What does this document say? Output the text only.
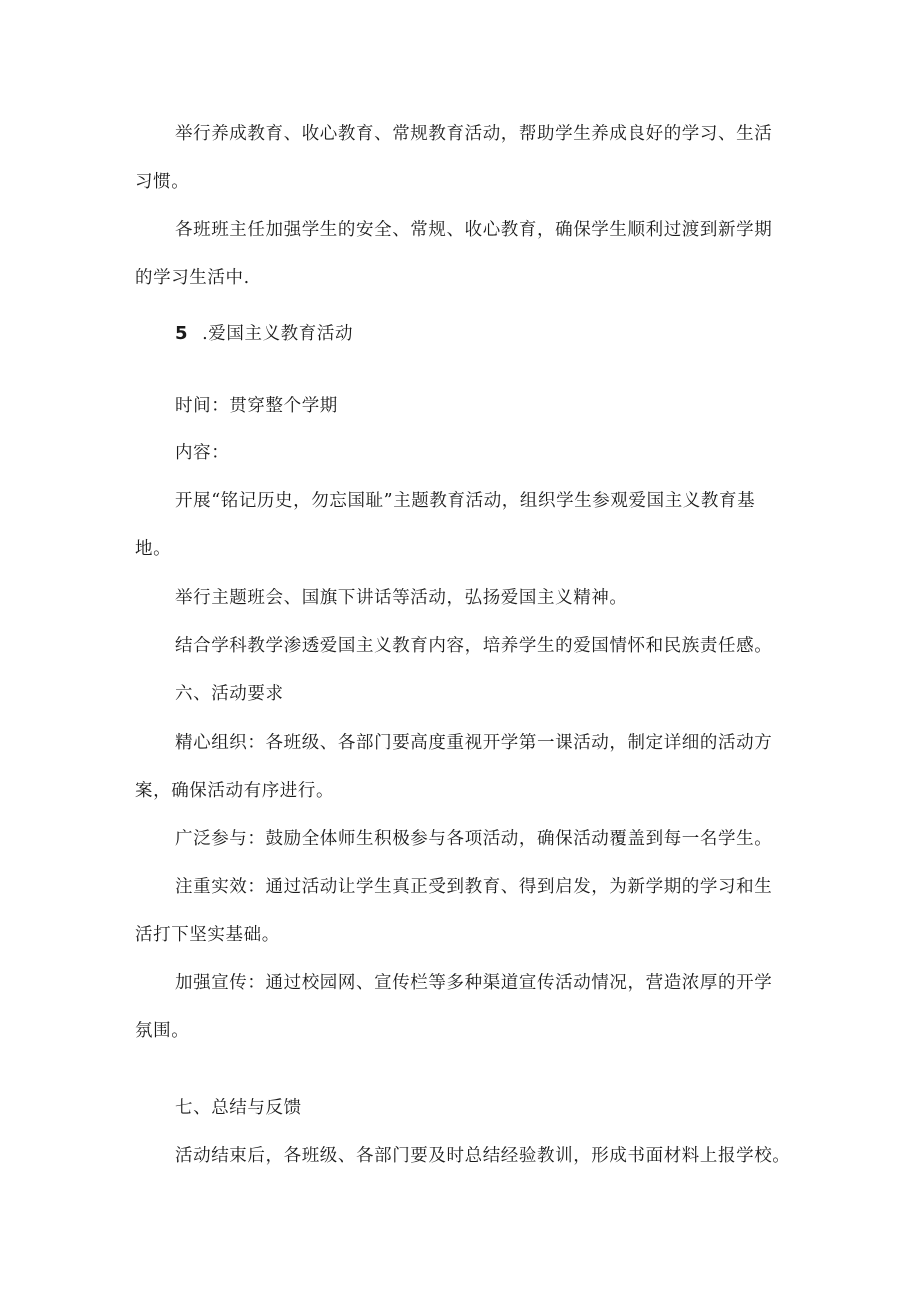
举行养成教育、收心教育、常规教育活动，帮助学生养成良好的学习、生活
习惯。
各班班主任加强学生的安全、常规、收心教育，确保学生顺利过渡到新学期
的学习生活中.
5 .爱国主义教育活动
时间：贯穿整个学期
内容：
开展“铭记历史，勿忘国耻”主题教育活动，组织学生参观爱国主义教育基
地。
举行主题班会、国旗下讲话等活动，弘扬爱国主义精神。
结合学科教学渗透爱国主义教育内容，培养学生的爱国情怀和民族责任感。
六、活动要求
精心组织：各班级、各部门要高度重视开学第一课活动，制定详细的活动方
案，确保活动有序进行。
广泛参与：鼓励全体师生积极参与各项活动，确保活动覆盖到每一名学生。
注重实效：通过活动让学生真正受到教育、得到启发，为新学期的学习和生
活打下坚实基础。
加强宣传：通过校园网、宣传栏等多种渠道宣传活动情况，营造浓厚的开学
氛围。
七、总结与反馈
活动结束后，各班级、各部门要及时总结经验教训，形成书面材料上报学校。
